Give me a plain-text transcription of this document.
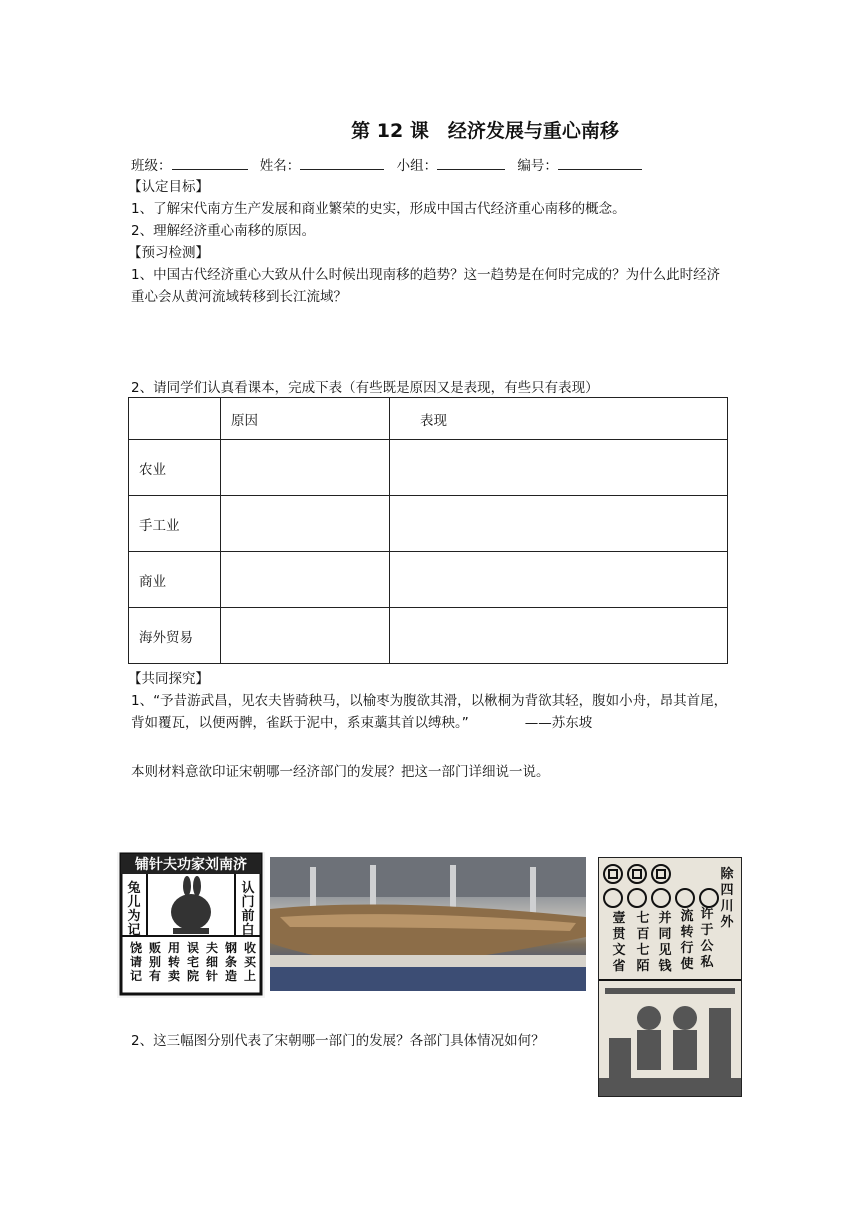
第 12 课　经济发展与重心南移
班级：	姓名：	小组：	编号：
【认定目标】
1、了解宋代南方生产发展和商业繁荣的史实，形成中国古代经济重心南移的概念。
2、理解经济重心南移的原因。
【预习检测】
1、中国古代经济重心大致从什么时候出现南移的趋势？这一趋势是在何时完成的？为什么此时经济重心会从黄河流域转移到长江流域？
2、请同学们认真看课本，完成下表（有些既是原因又是表现，有些只有表现）
	原因	表现
农业		
手工业		
商业		
海外贸易		
【共同探究】
1、“予昔游武昌，见农夫皆骑秧马，以榆枣为腹欲其滑，以楸桐为背欲其轻，腹如小舟，昂其首尾，背如覆瓦，以便两髀，雀跃于泥中，系束藁其首以缚秧。”	——苏东坡
本则材料意欲印证宋朝哪一经济部门的发展？把这一部门详细说一说。
铺针夫功家刘南济
兔
儿
为
记
认
门
前
白
收
买
上
钢
条
造
夫
细
针
误
宅
院
用
转
卖
贩
别
有
饶
请
记
除
四
川
外
许
于
公
私
流
转
行
使
并
同
见
钱
七
百
七
陌
壹
贯
文
省
2、这三幅图分别代表了宋朝哪一部门的发展？各部门具体情况如何？
